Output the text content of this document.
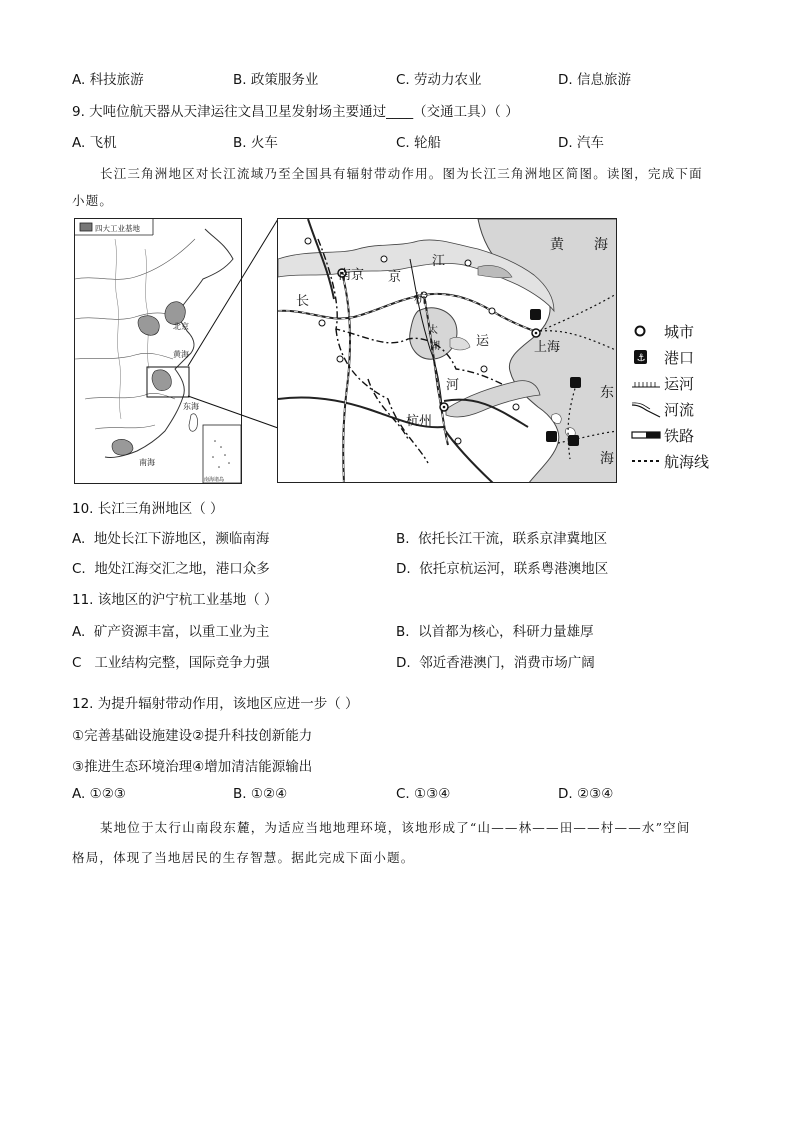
A. 科技旅游	B. 政策服务业	C. 劳动力农业	D. 信息旅游
9. 大吨位航天器从天津运往文昌卫星发射场主要通过____（交通工具）（ ）
A. 飞机	B. 火车	C. 轮船	D. 汽车
长江三角洲地区对长江流域乃至全国具有辐射带动作用。图为长江三角洲地区简图。读图，完成下面
小题。
四大工业基地
南海诸岛
北京
黄海
东海
南海
南京
上海
杭州
江
长
京
杭
运
河
太
湖
黄 海
东
海
城市
⚓ 港口
运河
河流
铁路
航海线
10. 长江三角洲地区（ ）
A. 地处长江下游地区，濒临南海	B. 依托长江干流，联系京津冀地区
C. 地处江海交汇之地，港口众多	D. 依托京杭运河，联系粤港澳地区
11. 该地区的沪宁杭工业基地（ ）
A. 矿产资源丰富，以重工业为主	B. 以首都为核心，科研力量雄厚
C 工业结构完整，国际竞争力强	D. 邻近香港澳门，消费市场广阔
12. 为提升辐射带动作用，该地区应进一步（ ）
①完善基础设施建设②提升科技创新能力
③推进生态环境治理④增加清洁能源输出
A. ①②③	B. ①②④	C. ①③④	D. ②③④
某地位于太行山南段东麓，为适应当地地理环境，该地形成了“山——林——田——村——水”空间
格局，体现了当地居民的生存智慧。据此完成下面小题。
